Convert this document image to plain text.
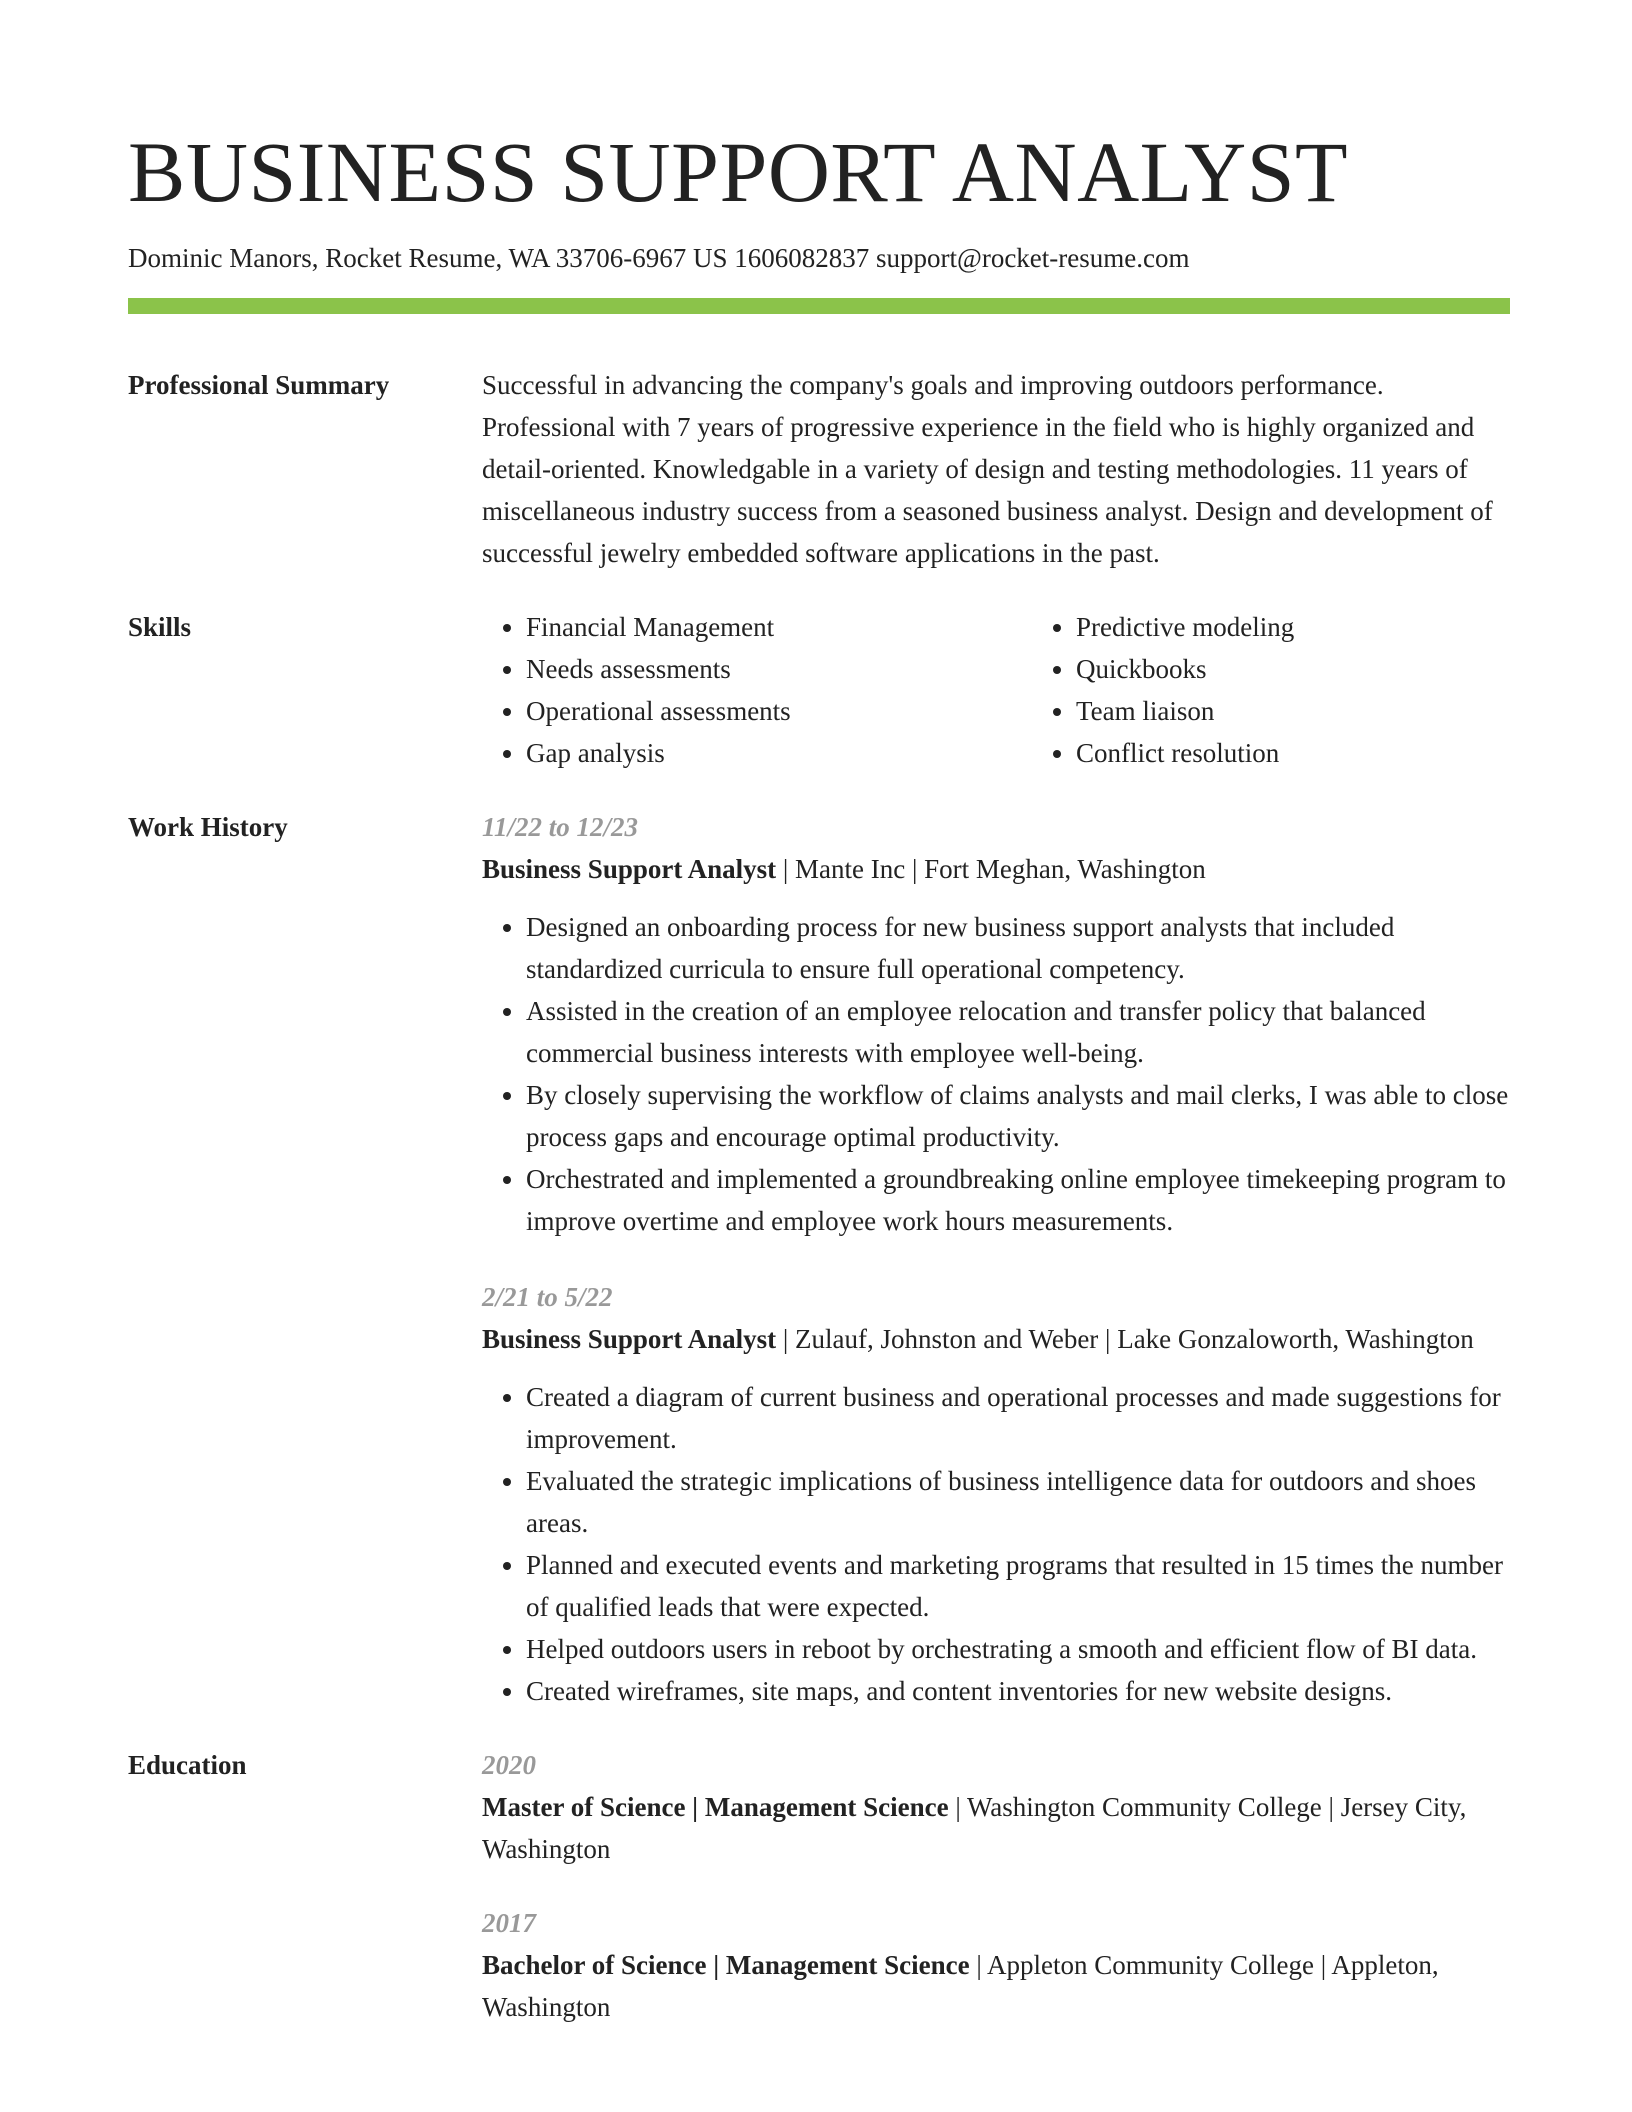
BUSINESS SUPPORT ANALYST
Dominic Manors, Rocket Resume, WA 33706-6967 US 1606082837 support@rocket-resume.com
Professional Summary	Successful in advancing the company's goals and improving outdoors performance. Professional with 7 years of progressive experience in the field who is highly organized and detail-oriented. Knowledgable in a variety of design and testing methodologies. 11 years of miscellaneous industry success from a seasoned business analyst. Design and development of successful jewelry embedded software applications in the past.
Skills
•	Financial Management
• Needs assessments
• Operational assessments
• Gap analysis
• Predictive modeling
• Quickbooks
• Team liaison
• Conflict resolution
Work History	11/22 to 12/23
Business Support Analyst | Mante Inc | Fort Meghan, Washington
• Designed an onboarding process for new business support analysts that included standardized curricula to ensure full operational competency.
• Assisted in the creation of an employee relocation and transfer policy that balanced commercial business interests with employee well-being.
• By closely supervising the workflow of claims analysts and mail clerks, I was able to close process gaps and encourage optimal productivity.
• Orchestrated and implemented a groundbreaking online employee timekeeping program to improve overtime and employee work hours measurements.
2/21 to 5/22
Business Support Analyst | Zulauf, Johnston and Weber | Lake Gonzaloworth, Washington
• Created a diagram of current business and operational processes and made suggestions for improvement.
• Evaluated the strategic implications of business intelligence data for outdoors and shoes areas.
• Planned and executed events and marketing programs that resulted in 15 times the number of qualified leads that were expected.
• Helped outdoors users in reboot by orchestrating a smooth and efficient flow of BI data.
• Created wireframes, site maps, and content inventories for new website designs.
Education	2020
Master of Science | Management Science | Washington Community College | Jersey City, Washington
2017
Bachelor of Science | Management Science | Appleton Community College | Appleton, Washington
